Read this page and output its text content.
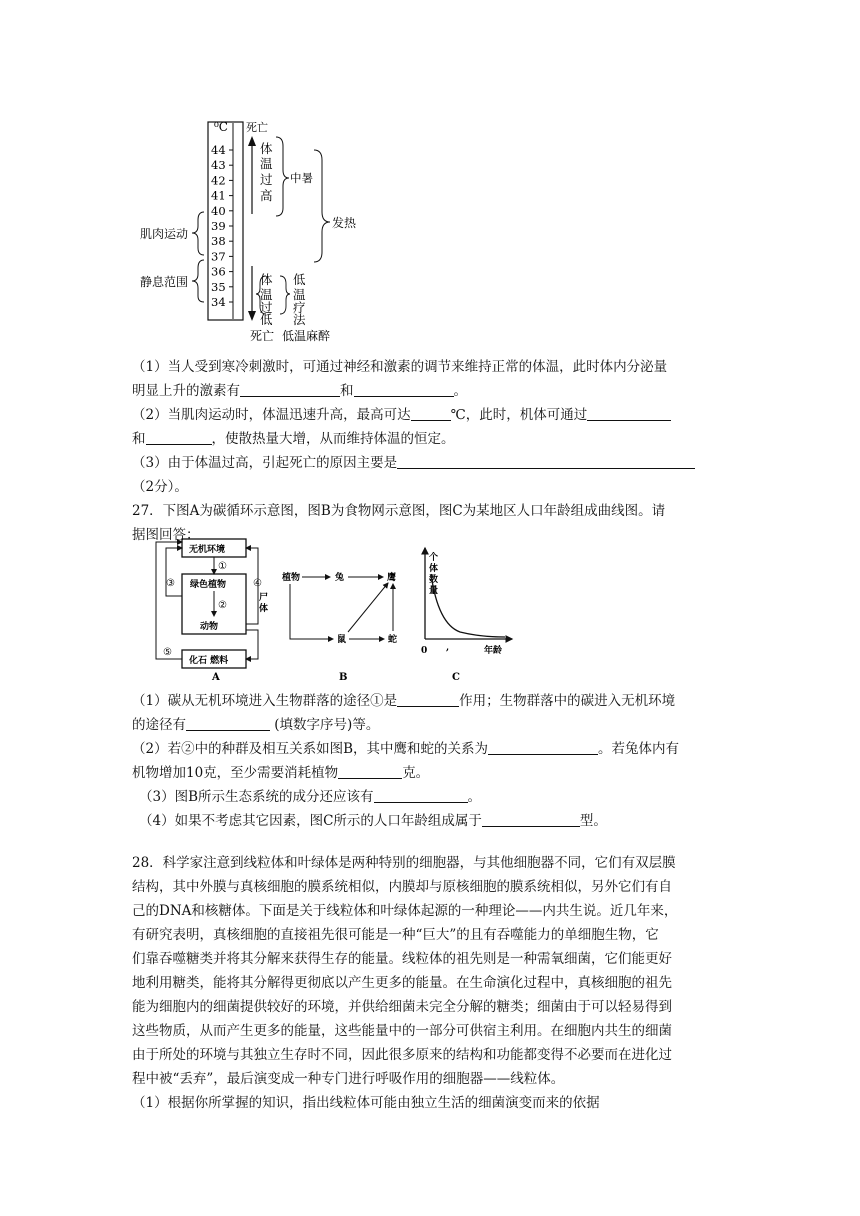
⁰C 死亡
44
43
42
41
40
39
38
37
36
35
34
体
温
过
高
体
温
过
低
低
温
疗
法
中暑
发热
肌肉运动
静息范围
死亡 低温麻醉
（1）当人受到寒冷刺激时，可通过神经和激素的调节来维持正常的体温，此时体内分泌量
明显上升的激素有	和	。
（2）当肌肉运动时，体温迅速升高，最高可达	℃，此时，机体可通过
和	，使散热量大增，从而维持体温的恒定。
（3）由于体温过高，引起死亡的原因主要是
（2分）。
27．下图A为碳循环示意图，图B为食物网示意图，图C为某地区人口年龄组成曲线图。请
据图回答：
无机环境
绿色植物
动物
化石 燃料
①
②
③	④
尸
体
⑤
A
植物	兔	鹰
鼠	蛇
B
个
体
数
量
0 ,	年龄
C
（1）碳从无机环境进入生物群落的途径①是	作用；生物群落中的碳进入无机环境
的途径有	(填数字序号)等。
（2）若②中的种群及相互关系如图B，其中鹰和蛇的关系为	。若兔体内有
机物增加10克，至少需要消耗植物	克。
（3）图B所示生态系统的成分还应该有	。
（4）如果不考虑其它因素，图C所示的人口年龄组成属于	型。
28．科学家注意到线粒体和叶绿体是两种特别的细胞器，与其他细胞器不同，它们有双层膜
结构，其中外膜与真核细胞的膜系统相似，内膜却与原核细胞的膜系统相似，另外它们有自
己的DNA和核糖体。下面是关于线粒体和叶绿体起源的一种理论——内共生说。近几年来，
有研究表明，真核细胞的直接祖先很可能是一种“巨大”的且有吞噬能力的单细胞生物，它
们靠吞噬糖类并将其分解来获得生存的能量。线粒体的祖先则是一种需氧细菌，它们能更好
地利用糖类，能将其分解得更彻底以产生更多的能量。在生命演化过程中，真核细胞的祖先
能为细胞内的细菌提供较好的环境，并供给细菌未完全分解的糖类；细菌由于可以轻易得到
这些物质，从而产生更多的能量，这些能量中的一部分可供宿主利用。在细胞内共生的细菌
由于所处的环境与其独立生存时不同，因此很多原来的结构和功能都变得不必要而在进化过
程中被“丢弃”，最后演变成一种专门进行呼吸作用的细胞器——线粒体。
（1）根据你所掌握的知识，指出线粒体可能由独立生活的细菌演变而来的依据
